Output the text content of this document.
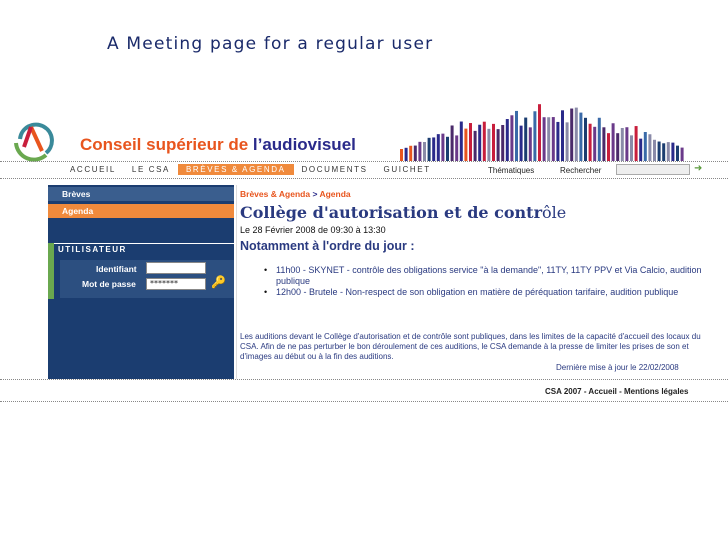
A Meeting page for a regular user
Conseil supérieur de l’audiovisuel
ACCUEIL	LE CSA	BRÈVES & AGENDA	DOCUMENTS	GUICHET	Thématiques	Rechercher	➜
Brèves
Agenda
UTILISATEUR
Identifiant
Mot de passe	*******	🔑
Brèves & Agenda > Agenda
Collège d'autorisation et de contrôle
Le 28 Février 2008 de 09:30 à 13:30
Notamment à l'ordre du jour :
• 11h00 - SKYNET - contrôle des obligations service "à la demande", 11TY, 11TY PPV et Via Calcio, audition publique
• 12h00 - Brutele - Non-respect de son obligation en matière de péréquation tarifaire, audition publique
Les auditions devant le Collège d'autorisation et de contrôle sont publiques, dans les limites de la capacité d'accueil des locaux du CSA. Afin de ne pas perturber le bon déroulement de ces auditions, le CSA demande à la presse de limiter les prises de son et d'images au début ou à la fin des auditions.
Dernière mise à jour le 22/02/2008
CSA 2007 - Accueil - Mentions légales
